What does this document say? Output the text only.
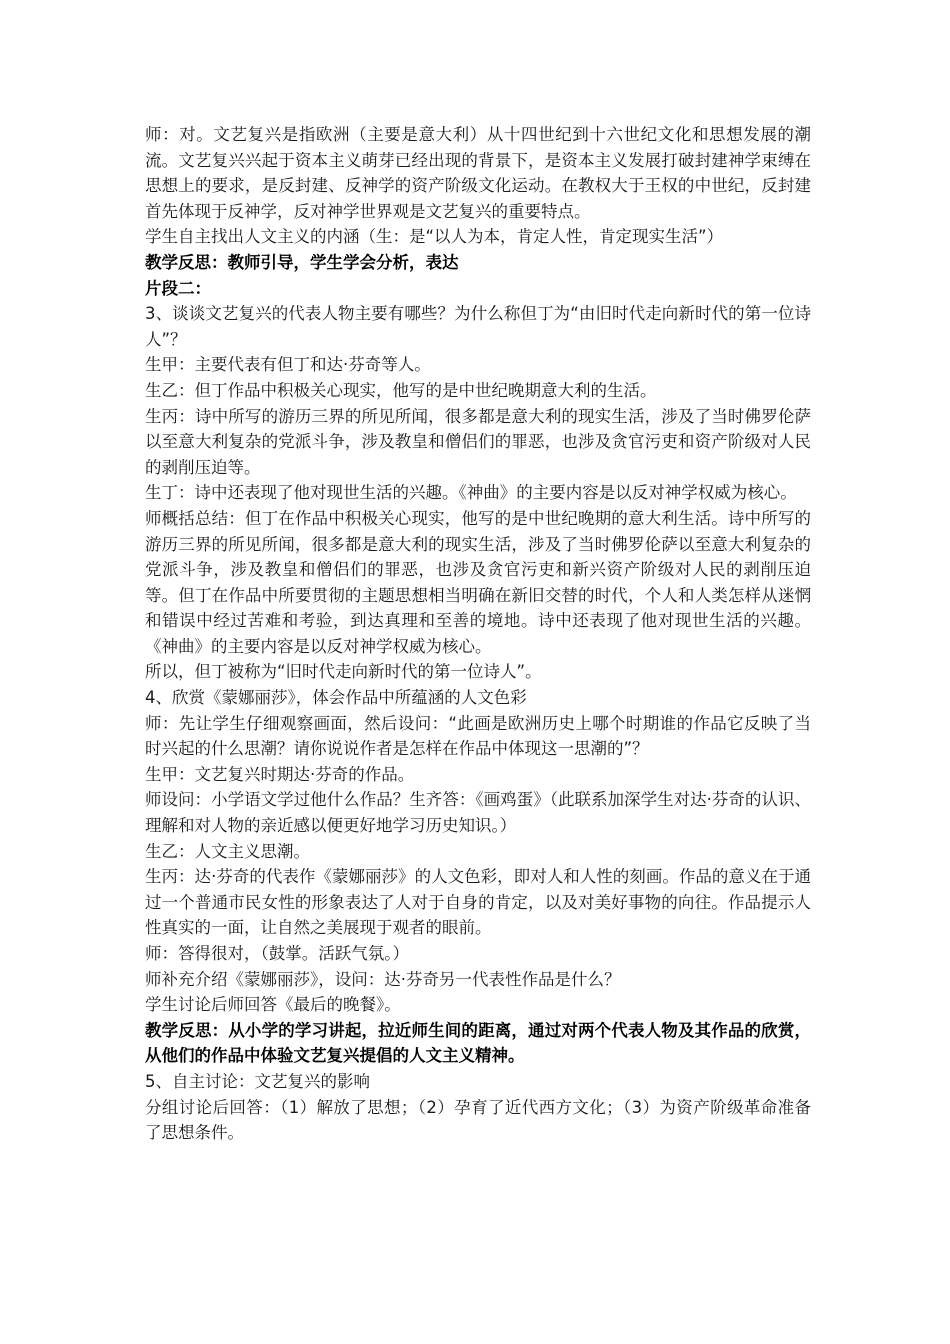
师：对。文艺复兴是指欧洲（主要是意大利）从十四世纪到十六世纪文化和思想发展的潮流。文艺复兴兴起于资本主义萌芽已经出现的背景下，是资本主义发展打破封建神学束缚在思想上的要求，是反封建、反神学的资产阶级文化运动。在教权大于王权的中世纪，反封建首先体现于反神学，反对神学世界观是文艺复兴的重要特点。

学生自主找出人文主义的内涵（生：是“以人为本，肯定人性，肯定现实生活”）

教学反思：教师引导，学生学会分析，表达

片段二：

3、谈谈文艺复兴的代表人物主要有哪些？为什么称但丁为“由旧时代走向新时代的第一位诗人”？

生甲：主要代表有但丁和达·芬奇等人。

生乙：但丁作品中积极关心现实，他写的是中世纪晚期意大利的生活。

生丙：诗中所写的游历三界的所见所闻，很多都是意大利的现实生活，涉及了当时佛罗伦萨以至意大利复杂的党派斗争，涉及教皇和僧侣们的罪恶，也涉及贪官污吏和资产阶级对人民的剥削压迫等。

生丁：诗中还表现了他对现世生活的兴趣。《神曲》的主要内容是以反对神学权威为核心。

师概括总结：但丁在作品中积极关心现实，他写的是中世纪晚期的意大利生活。诗中所写的游历三界的所见所闻，很多都是意大利的现实生活，涉及了当时佛罗伦萨以至意大利复杂的党派斗争，涉及教皇和僧侣们的罪恶，也涉及贪官污吏和新兴资产阶级对人民的剥削压迫等。但丁在作品中所要贯彻的主题思想相当明确在新旧交替的时代，个人和人类怎样从迷惘和错误中经过苦难和考验，到达真理和至善的境地。诗中还表现了他对现世生活的兴趣。《神曲》的主要内容是以反对神学权威为核心。

所以，但丁被称为“旧时代走向新时代的第一位诗人”。

4、欣赏《蒙娜丽莎》，体会作品中所蕴涵的人文色彩

师：先让学生仔细观察画面，然后设问：“此画是欧洲历史上哪个时期谁的作品它反映了当时兴起的什么思潮？请你说说作者是怎样在作品中体现这一思潮的”？

生甲：文艺复兴时期达·芬奇的作品。

师设问：小学语文学过他什么作品？生齐答：《画鸡蛋》（此联系加深学生对达·芬奇的认识、理解和对人物的亲近感以便更好地学习历史知识。）

生乙：人文主义思潮。

生丙：达·芬奇的代表作《蒙娜丽莎》的人文色彩，即对人和人性的刻画。作品的意义在于通过一个普通市民女性的形象表达了人对于自身的肯定，以及对美好事物的向往。作品提示人性真实的一面，让自然之美展现于观者的眼前。

师：答得很对，（鼓掌。活跃气氛。）

师补充介绍《蒙娜丽莎》，设问：达·芬奇另一代表性作品是什么？

学生讨论后师回答《最后的晚餐》。

教学反思：从小学的学习讲起，拉近师生间的距离，通过对两个代表人物及其作品的欣赏，从他们的作品中体验文艺复兴提倡的人文主义精神。

5、自主讨论：文艺复兴的影响

分组讨论后回答：（1）解放了思想；（2）孕育了近代西方文化；（3）为资产阶级革命准备了思想条件。
